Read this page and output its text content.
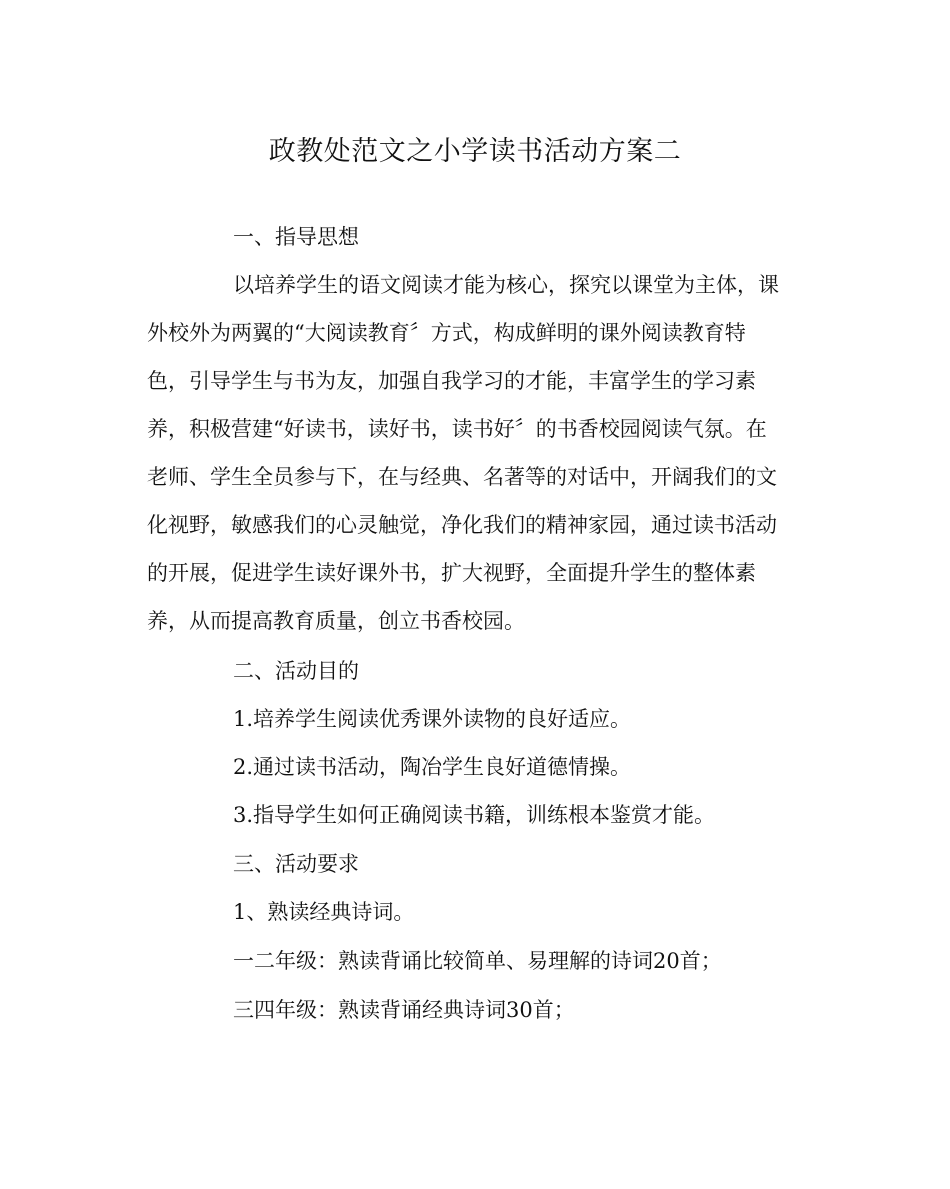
政教处范文之小学读书活动方案二
一、指导思想
以培养学生的语文阅读才能为核心，探究以课堂为主体，课
外校外为两翼的“大阅读教育〞方式，构成鲜明的课外阅读教育特
色，引导学生与书为友，加强自我学习的才能，丰富学生的学习素
养，积极营建“好读书，读好书，读书好〞的书香校园阅读气氛。在
老师、学生全员参与下，在与经典、名著等的对话中，开阔我们的文
化视野，敏感我们的心灵触觉，净化我们的精神家园，通过读书活动
的开展，促进学生读好课外书，扩大视野，全面提升学生的整体素
养，从而提高教育质量，创立书香校园。
二、活动目的
1.培养学生阅读优秀课外读物的良好适应。
2.通过读书活动，陶冶学生良好道德情操。
3.指导学生如何正确阅读书籍，训练根本鉴赏才能。
三、活动要求
1、熟读经典诗词。
一二年级：熟读背诵比较简单、易理解的诗词20首；
三四年级：熟读背诵经典诗词30首；
